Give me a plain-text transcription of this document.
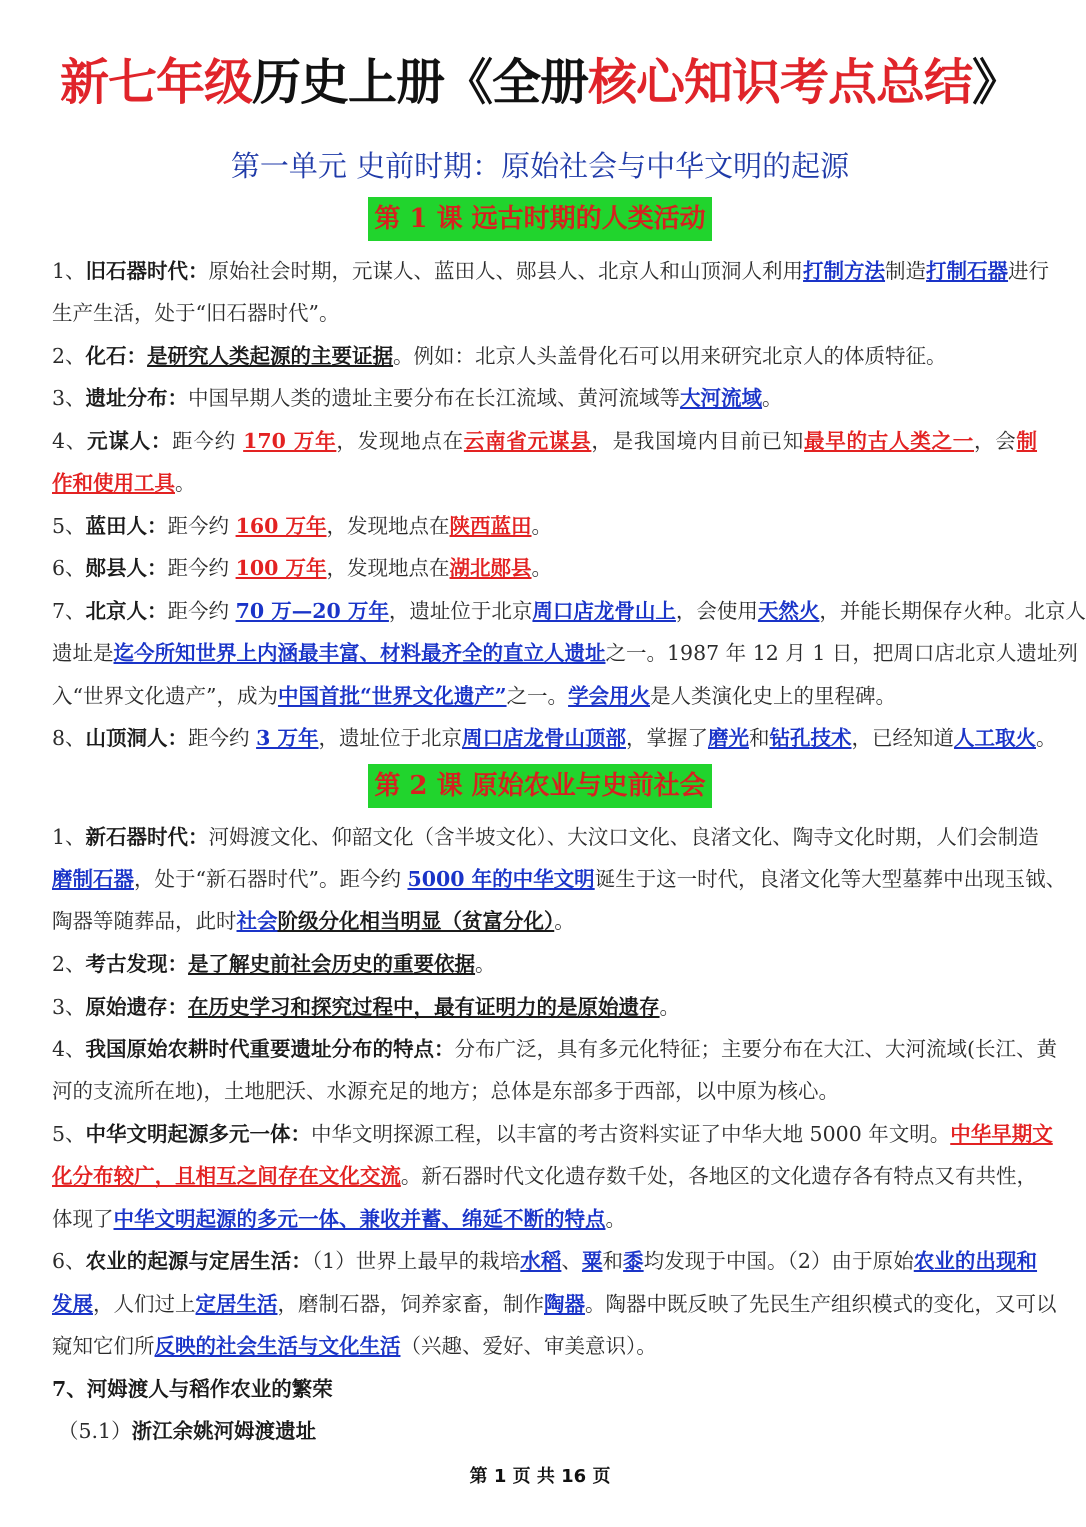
新七年级历史上册《全册核心知识考点总结》
第一单元 史前时期：原始社会与中华文明的起源
第 1 课 远古时期的人类活动
1、旧石器时代：原始社会时期，元谋人、蓝田人、郧县人、北京人和山顶洞人利用打制方法制造打制石器进行
生产生活，处于“旧石器时代”。
2、化石：是研究人类起源的主要证据。例如：北京人头盖骨化石可以用来研究北京人的体质特征。
3、遗址分布：中国早期人类的遗址主要分布在长江流域、黄河流域等大河流域。
4、元谋人：距今约 170 万年，发现地点在云南省元谋县，是我国境内目前已知最早的古人类之一，会制
作和使用工具。
5、蓝田人：距今约 160 万年，发现地点在陕西蓝田。
6、郧县人：距今约 100 万年，发现地点在湖北郧县。
7、北京人：距今约 70 万—20 万年，遗址位于北京周口店龙骨山上，会使用天然火，并能长期保存火种。北京人
遗址是迄今所知世界上内涵最丰富、材料最齐全的直立人遗址之一。1987 年 12 月 1 日，把周口店北京人遗址列
入“世界文化遗产”，成为中国首批“世界文化遗产”之一。学会用火是人类演化史上的里程碑。
8、山顶洞人：距今约 3 万年，遗址位于北京周口店龙骨山顶部，掌握了磨光和钻孔技术，已经知道人工取火。
第 2 课 原始农业与史前社会
1、新石器时代：河姆渡文化、仰韶文化（含半坡文化）、大汶口文化、良渚文化、陶寺文化时期，人们会制造
磨制石器，处于“新石器时代”。距今约 5000 年的中华文明诞生于这一时代，良渚文化等大型墓葬中出现玉钺、
陶器等随葬品，此时社会阶级分化相当明显（贫富分化）。
2、考古发现：是了解史前社会历史的重要依据。
3、原始遗存：在历史学习和探究过程中，最有证明力的是原始遗存。
4、我国原始农耕时代重要遗址分布的特点：分布广泛，具有多元化特征；主要分布在大江、大河流域(长江、黄
河的支流所在地)，土地肥沃、水源充足的地方；总体是东部多于西部，以中原为核心。
5、中华文明起源多元一体：中华文明探源工程，以丰富的考古资料实证了中华大地 5000 年文明。中华早期文
化分布较广，且相互之间存在文化交流。新石器时代文化遗存数千处，各地区的文化遗存各有特点又有共性，
体现了中华文明起源的多元一体、兼收并蓄、绵延不断的特点。
6、农业的起源与定居生活：（1）世界上最早的栽培水稻、粟和黍均发现于中国。（2）由于原始农业的出现和
发展，人们过上定居生活，磨制石器，饲养家畜，制作陶器。陶器中既反映了先民生产组织模式的变化，又可以
窥知它们所反映的社会生活与文化生活（兴趣、爱好、审美意识）。
7、河姆渡人与稻作农业的繁荣
（5.1）浙江余姚河姆渡遗址
第 1 页 共 16 页
